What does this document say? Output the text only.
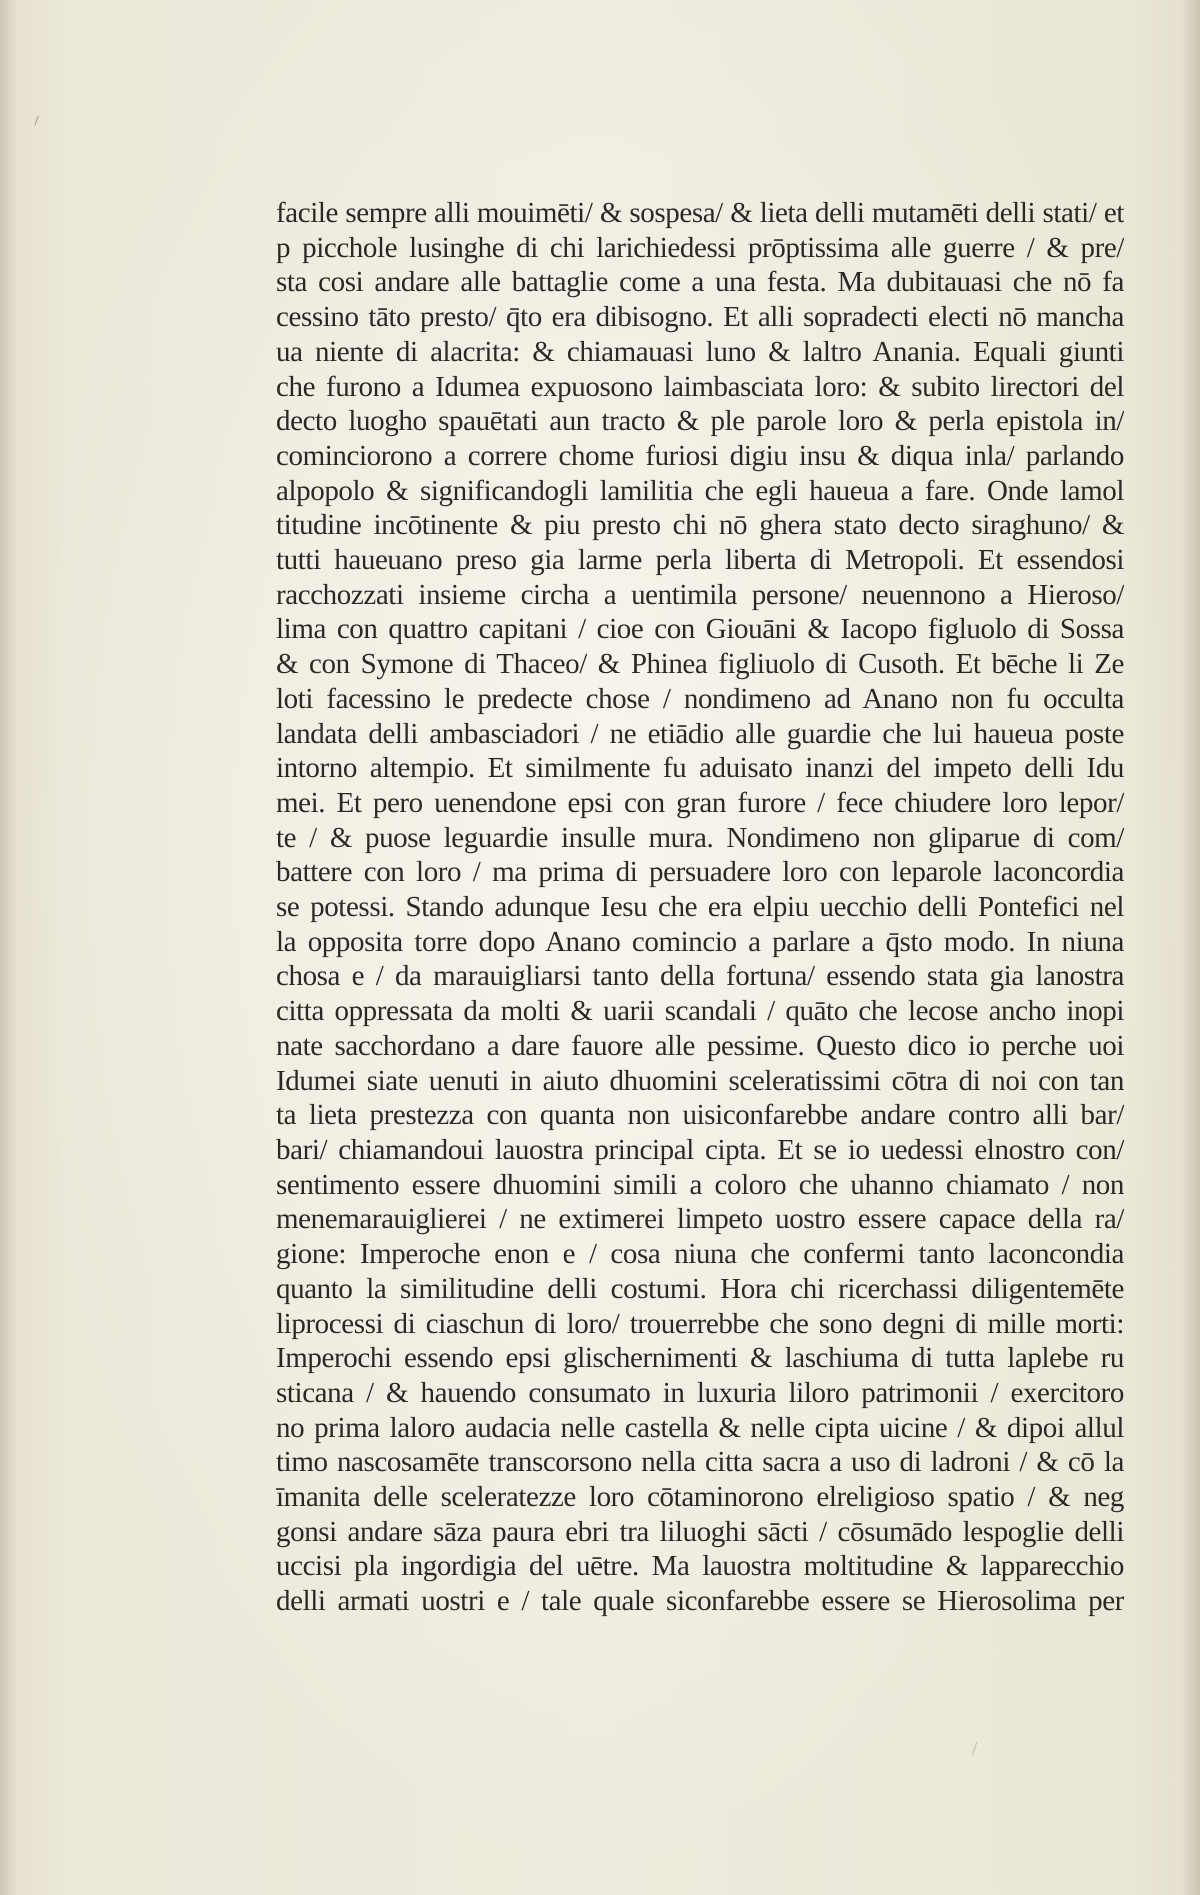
facile sempre alli mouimēti/ & sospesa/ & lieta delli mutamēti delli stati/ et
p picchole lusinghe di chi larichiedessi prōptissima alle guerre / & pre/
sta cosi andare alle battaglie come a una festa. Ma dubitauasi che nō fa
cessino tāto presto/ q̄to era dibisogno. Et alli sopradecti electi nō mancha
ua niente di alacrita: & chiamauasi luno & laltro Anania. Equali giunti
che furono a Idumea expuosono laimbasciata loro: & subito lirectori del
decto luogho spauētati aun tracto & ple parole loro & perla epistola in/
cominciorono a correre chome furiosi digiu insu & diqua inla/ parlando
alpopolo & significandogli lamilitia che egli haueua a fare. Onde lamol
titudine incōtinente & piu presto chi nō ghera stato decto siraghuno/ &
tutti haueuano preso gia larme perla liberta di Metropoli. Et essendosi
racchozzati insieme circha a uentimila persone/ neuennono a Hieroso/
lima con quattro capitani / cioe con Giouāni & Iacopo figluolo di Sossa
& con Symone di Thaceo/ & Phinea figliuolo di Cusoth. Et bēche li Ze
loti facessino le predecte chose / nondimeno ad Anano non fu occulta
landata delli ambasciadori / ne etiādio alle guardie che lui haueua poste
intorno altempio. Et similmente fu aduisato inanzi del impeto delli Idu
mei. Et pero uenendone epsi con gran furore / fece chiudere loro lepor/
te / & puose leguardie insulle mura. Nondimeno non gliparue di com/
battere con loro / ma prima di persuadere loro con leparole laconcordia
se potessi. Stando adunque Iesu che era elpiu uecchio delli Pontefici nel
la opposita torre dopo Anano comincio a parlare a q̄sto modo. In niuna
chosa e / da marauigliarsi tanto della fortuna/ essendo stata gia lanostra
citta oppressata da molti & uarii scandali / quāto che lecose ancho inopi
nate sacchordano a dare fauore alle pessime. Questo dico io perche uoi
Idumei siate uenuti in aiuto dhuomini sceleratissimi cōtra di noi con tan
ta lieta prestezza con quanta non uisiconfarebbe andare contro alli bar/
bari/ chiamandoui lauostra principal cipta. Et se io uedessi elnostro con/
sentimento essere dhuomini simili a coloro che uhanno chiamato / non
menemarauiglierei / ne extimerei limpeto uostro essere capace della ra/
gione: Imperoche enon e / cosa niuna che confermi tanto laconcondia
quanto la similitudine delli costumi. Hora chi ricerchassi diligentemēte
liprocessi di ciaschun di loro/ trouerrebbe che sono degni di mille morti:
Imperochi essendo epsi glischernimenti & laschiuma di tutta laplebe ru
sticana / & hauendo consumato in luxuria liloro patrimonii / exercitoro
no prima laloro audacia nelle castella & nelle cipta uicine / & dipoi allul
timo nascosamēte transcorsono nella citta sacra a uso di ladroni / & cō la
īmanita delle sceleratezze loro cōtaminorono elreligioso spatio / & neg
gonsi andare sāza paura ebri tra liluoghi sācti / cōsumādo lespoglie delli
uccisi pla ingordigia del uētre. Ma lauostra moltitudine & lapparecchio
delli armati uostri e / tale quale siconfarebbe essere se Hierosolima per
